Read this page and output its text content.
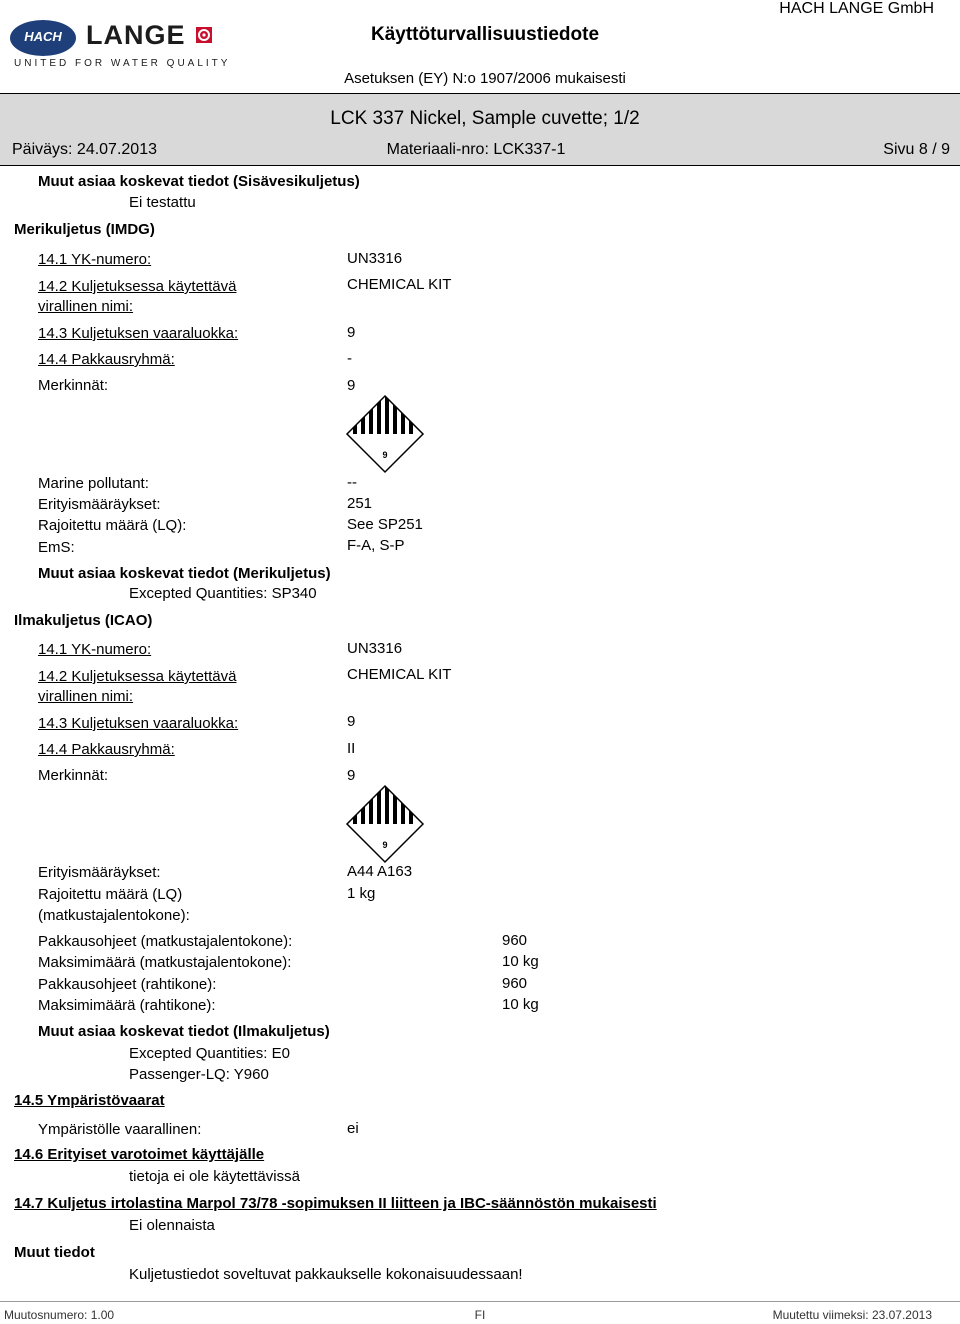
HACH LANGE
UNITED FOR WATER QUALITY
HACH LANGE GmbH
Käyttöturvallisuustiedote
Asetuksen (EY) N:o 1907/2006 mukaisesti
LCK 337 Nickel, Sample cuvette; 1/2
Päiväys: 24.07.2013	Materiaali-nro: LCK337-1	Sivu 8 / 9
Muut asiaa koskevat tiedot (Sisävesikuljetus)
Ei testattu
Merikuljetus (IMDG)
14.1 YK-numero:	UN3316
14.2 Kuljetuksessa käytettävä
virallinen nimi:
CHEMICAL KIT
14.3 Kuljetuksen vaaraluokka:	9
14.4 Pakkausryhmä:	-
Merkinnät:	9
9
Marine pollutant:	--
Erityismääräykset:	251
Rajoitettu määrä (LQ):	See SP251
EmS:	F-A, S-P
Muut asiaa koskevat tiedot (Merikuljetus)
Excepted Quantities: SP340
Ilmakuljetus (ICAO)
14.1 YK-numero:	UN3316
14.2 Kuljetuksessa käytettävä
virallinen nimi:
CHEMICAL KIT
14.3 Kuljetuksen vaaraluokka:	9
14.4 Pakkausryhmä:	II
Merkinnät:	9
9
Erityismääräykset:	A44 A163
Rajoitettu määrä (LQ)
(matkustajalentokone):
1 kg
Pakkausohjeet (matkustajalentokone):	960
Maksimimäärä (matkustajalentokone):	10 kg
Pakkausohjeet (rahtikone):	960
Maksimimäärä (rahtikone):	10 kg
Muut asiaa koskevat tiedot (Ilmakuljetus)
Excepted Quantities: E0
Passenger-LQ: Y960
14.5 Ympäristövaarat
Ympäristölle vaarallinen:	ei
14.6 Erityiset varotoimet käyttäjälle
tietoja ei ole käytettävissä
14.7 Kuljetus irtolastina Marpol 73/78 -sopimuksen II liitteen ja IBC-säännöstön mukaisesti
Ei olennaista
Muut tiedot
Kuljetustiedot soveltuvat pakkaukselle kokonaisuudessaan!
Muutosnumero: 1.00	FI	Muutettu viimeksi: 23.07.2013
